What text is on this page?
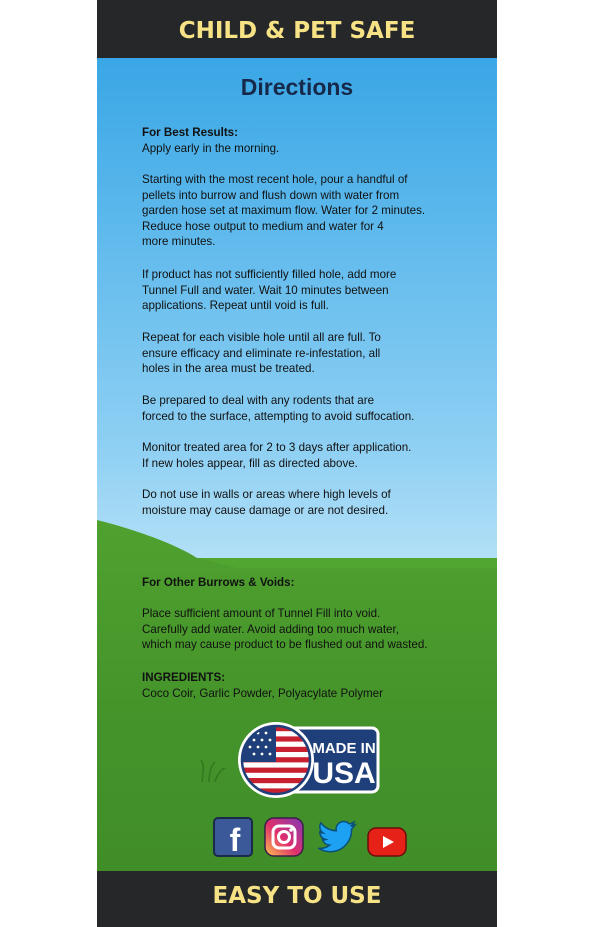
CHILD & PET SAFE
Directions

For Best Results:

Apply early in the morning.

Starting with the most recent hole, pour a handful of

pellets into burrow and flush down with water from

garden hose set at maximum flow. Water for 2 minutes.

Reduce hose output to medium and water for 4

more minutes.

If product has not sufficiently filled hole, add more

Tunnel Full and water. Wait 10 minutes between

applications. Repeat until void is full.

Repeat for each visible hole until all are full. To

ensure efficacy and eliminate re-infestation, all

holes in the area must be treated.

Be prepared to deal with any rodents that are

forced to the surface, attempting to avoid suffocation.

Monitor treated area for 2 to 3 days after application.

If new holes appear, fill as directed above.

Do not use in walls or areas where high levels of

moisture may cause damage or are not desired.

For Other Burrows & Voids:

Place sufficient amount of Tunnel Fill into void.

Carefully add water. Avoid adding too much water,

which may cause product to be flushed out and wasted.

INGREDIENTS:

Coco Coir, Garlic Powder, Polyacylate Polymer

MADE IN
USA
f
EASY TO USE
